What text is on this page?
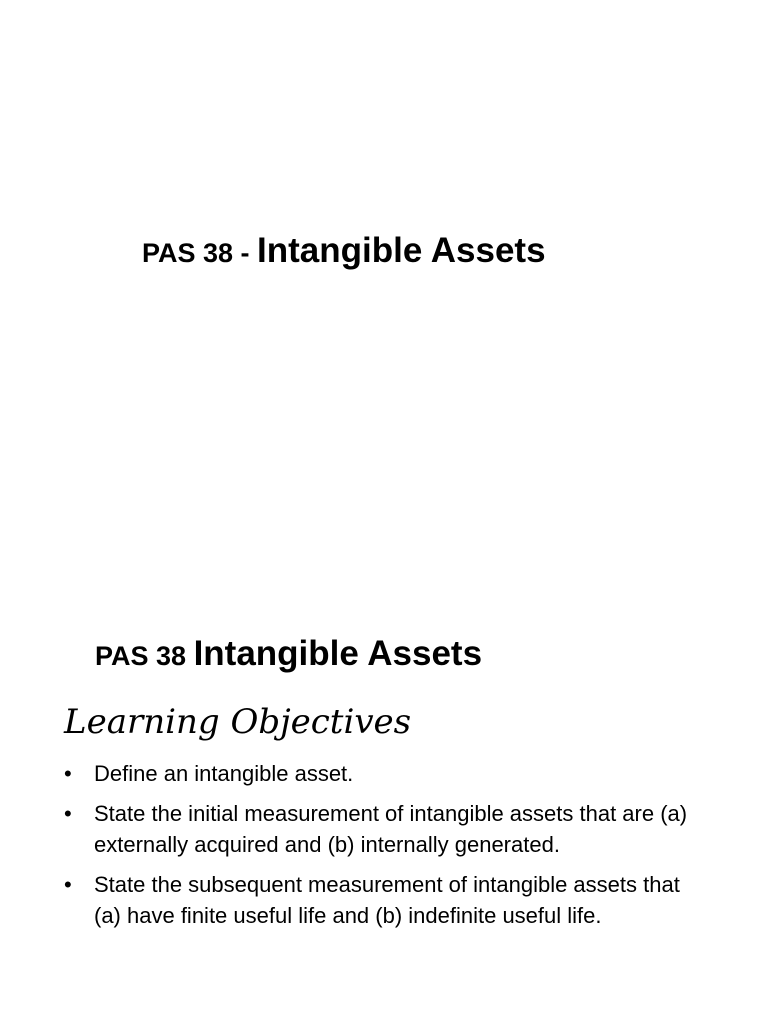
PAS 38 - Intangible Assets
PAS 38 Intangible Assets
Learning Objectives
• Define an intangible asset.
• State the initial measurement of intangible assets that are (a) externally acquired and (b) internally generated.
• State the subsequent measurement of intangible assets that (a) have finite useful life and (b) indefinite useful life.
